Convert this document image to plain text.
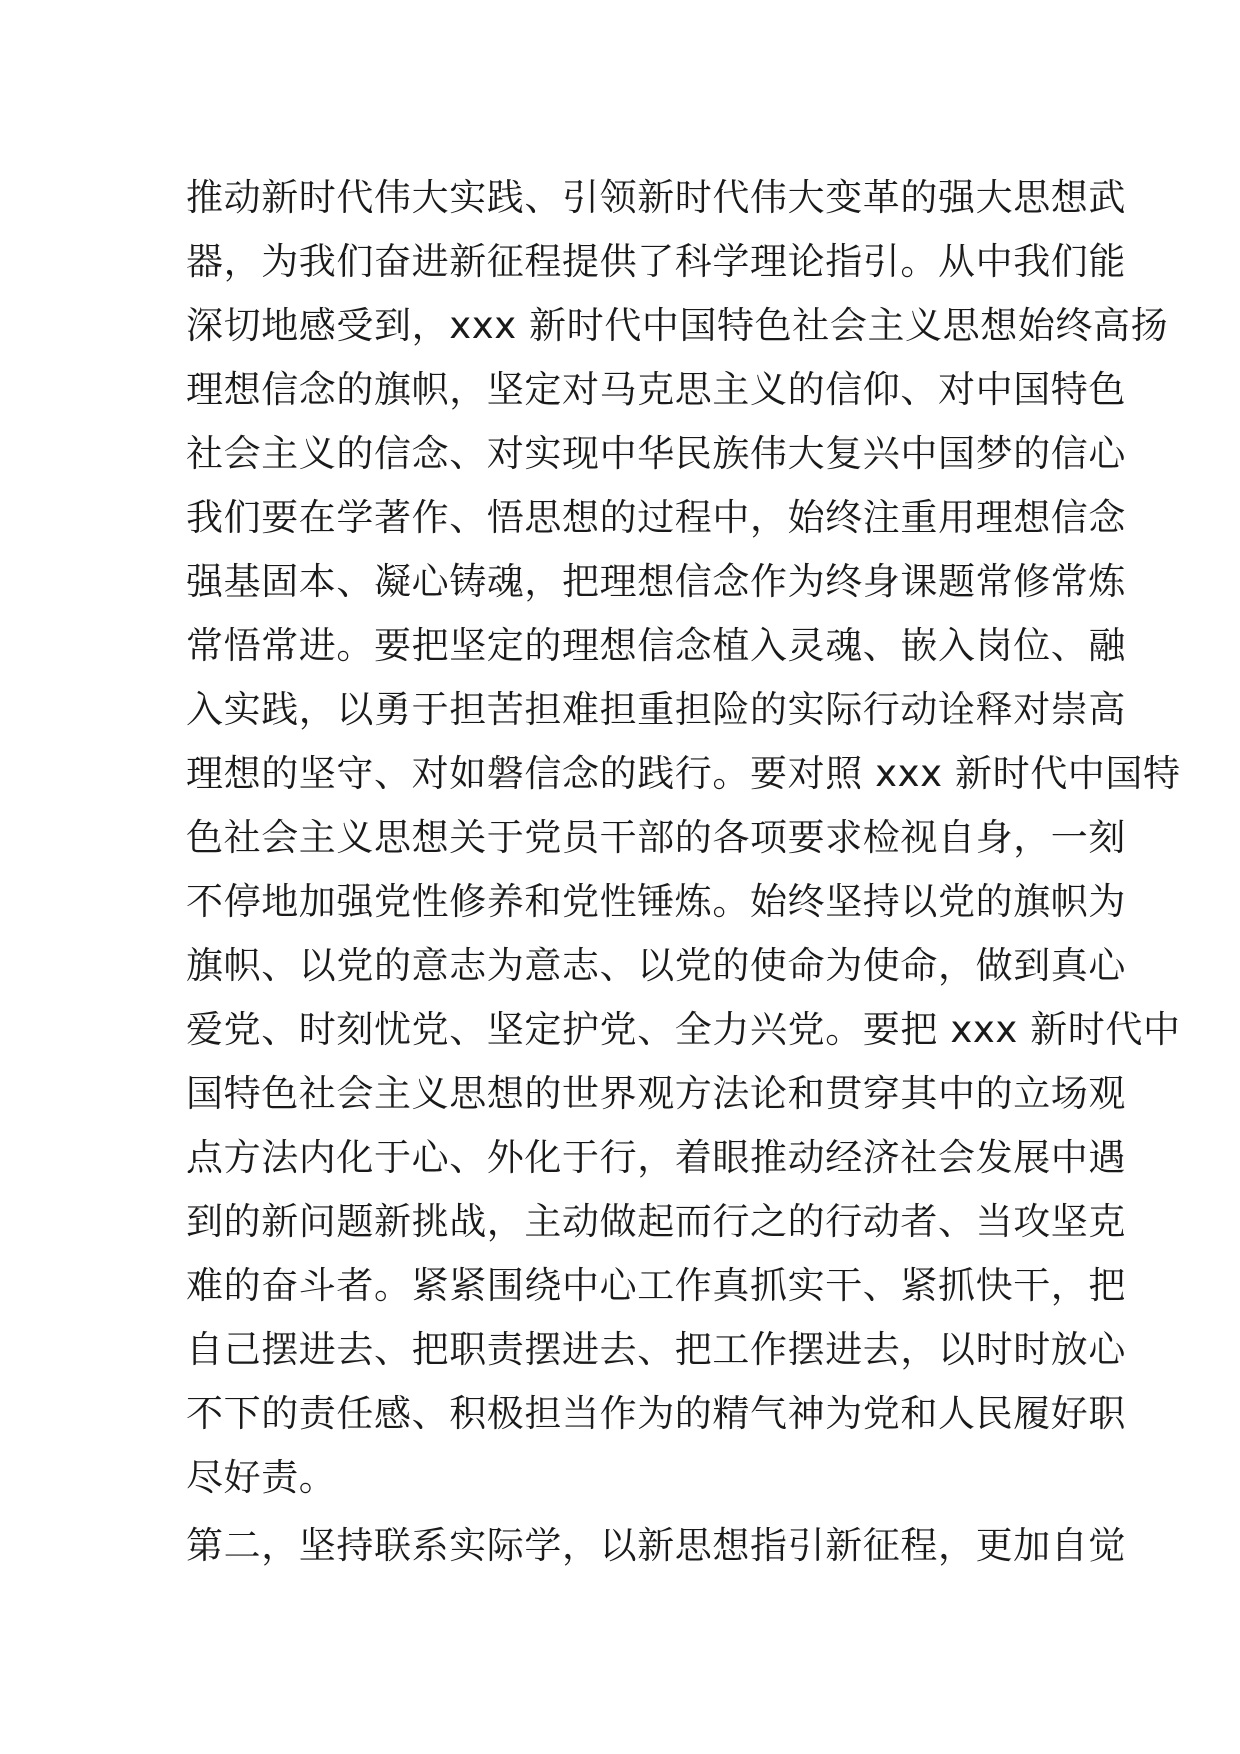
推动新时代伟大实践、引领新时代伟大变革的强大思想武
器，为我们奋进新征程提供了科学理论指引。从中我们能
深切地感受到，xxx 新时代中国特色社会主义思想始终高扬
理想信念的旗帜，坚定对马克思主义的信仰、对中国特色
社会主义的信念、对实现中华民族伟大复兴中国梦的信心
我们要在学著作、悟思想的过程中，始终注重用理想信念
强基固本、凝心铸魂，把理想信念作为终身课题常修常炼
常悟常进。要把坚定的理想信念植入灵魂、嵌入岗位、融
入实践，以勇于担苦担难担重担险的实际行动诠释对崇高
理想的坚守、对如磐信念的践行。要对照 xxx 新时代中国特
色社会主义思想关于党员干部的各项要求检视自身，一刻
不停地加强党性修养和党性锤炼。始终坚持以党的旗帜为
旗帜、以党的意志为意志、以党的使命为使命，做到真心
爱党、时刻忧党、坚定护党、全力兴党。要把 xxx 新时代中
国特色社会主义思想的世界观方法论和贯穿其中的立场观
点方法内化于心、外化于行，着眼推动经济社会发展中遇
到的新问题新挑战，主动做起而行之的行动者、当攻坚克
难的奋斗者。紧紧围绕中心工作真抓实干、紧抓快干，把
自己摆进去、把职责摆进去、把工作摆进去，以时时放心
不下的责任感、积极担当作为的精气神为党和人民履好职
尽好责。
第二，坚持联系实际学，以新思想指引新征程，更加自觉
